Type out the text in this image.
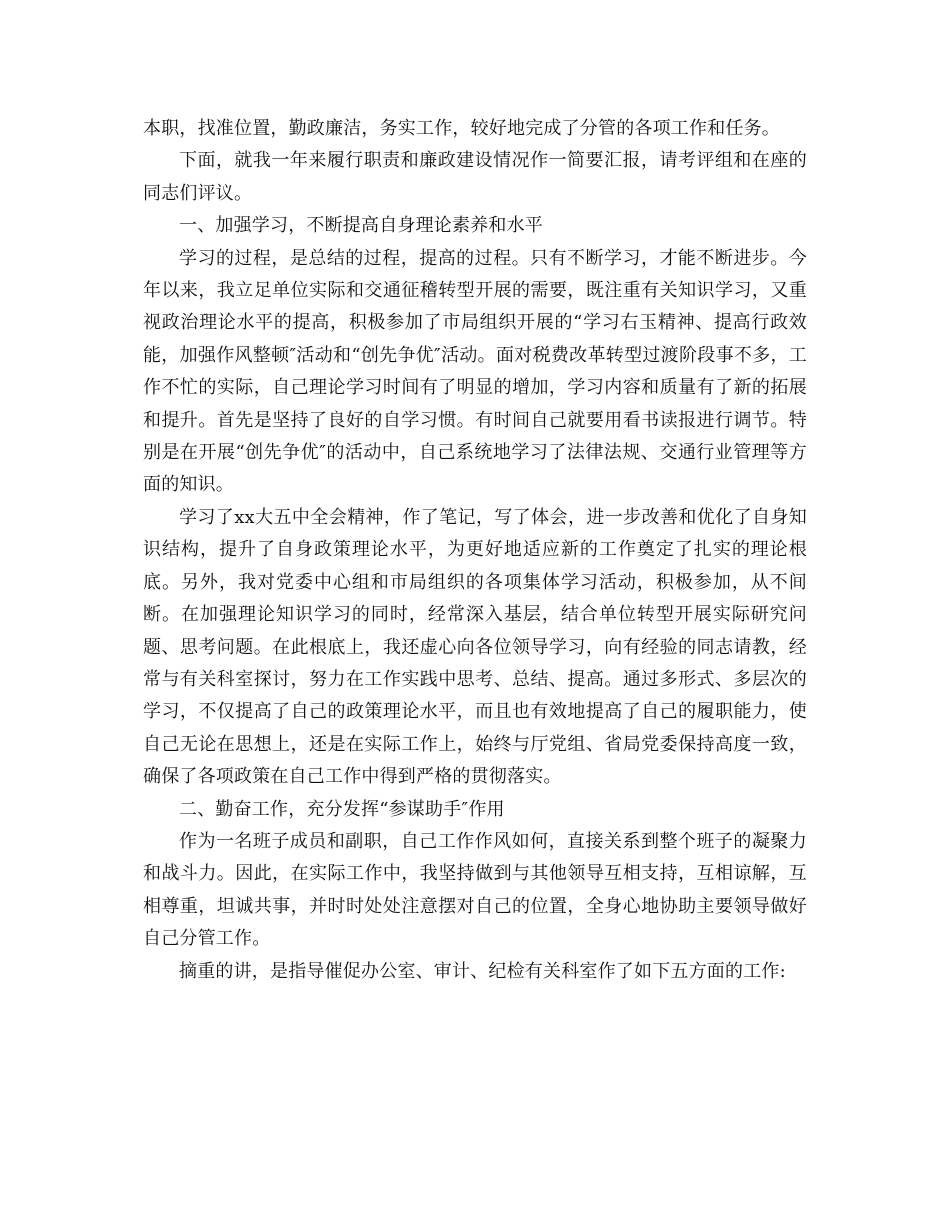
本职，找准位置，勤政廉洁，务实工作，较好地完成了分管的各项工作和任务。

下面，就我一年来履行职责和廉政建设情况作一简要汇报，请考评组和在座的同志们评议。

一、加强学习，不断提高自身理论素养和水平

学习的过程，是总结的过程，提高的过程。只有不断学习，才能不断进步。今年以来，我立足单位实际和交通征稽转型开展的需要，既注重有关知识学习，又重视政治理论水平的提高，积极参加了市局组织开展的“学习右玉精神、提高行政效能，加强作风整顿″活动和“创先争优″活动。面对税费改革转型过渡阶段事不多，工作不忙的实际，自己理论学习时间有了明显的增加，学习内容和质量有了新的拓展和提升。首先是坚持了良好的自学习惯。有时间自己就要用看书读报进行调节。特别是在开展“创先争优″的活动中，自己系统地学习了法律法规、交通行业管理等方面的知识。

学习了xx大五中全会精神，作了笔记，写了体会，进一步改善和优化了自身知识结构，提升了自身政策理论水平，为更好地适应新的工作奠定了扎实的理论根底。另外，我对党委中心组和市局组织的各项集体学习活动，积极参加，从不间断。在加强理论知识学习的同时，经常深入基层，结合单位转型开展实际研究问题、思考问题。在此根底上，我还虚心向各位领导学习，向有经验的同志请教，经常与有关科室探讨，努力在工作实践中思考、总结、提高。通过多形式、多层次的学习，不仅提高了自己的政策理论水平，而且也有效地提高了自己的履职能力，使自己无论在思想上，还是在实际工作上，始终与厅党组、省局党委保持高度一致，确保了各项政策在自己工作中得到严格的贯彻落实。

二、勤奋工作，充分发挥“参谋助手″作用

作为一名班子成员和副职，自己工作作风如何，直接关系到整个班子的凝聚力和战斗力。因此，在实际工作中，我坚持做到与其他领导互相支持，互相谅解，互相尊重，坦诚共事，并时时处处注意摆对自己的位置，全身心地协助主要领导做好自己分管工作。

摘重的讲，是指导催促办公室、审计、纪检有关科室作了如下五方面的工作:
